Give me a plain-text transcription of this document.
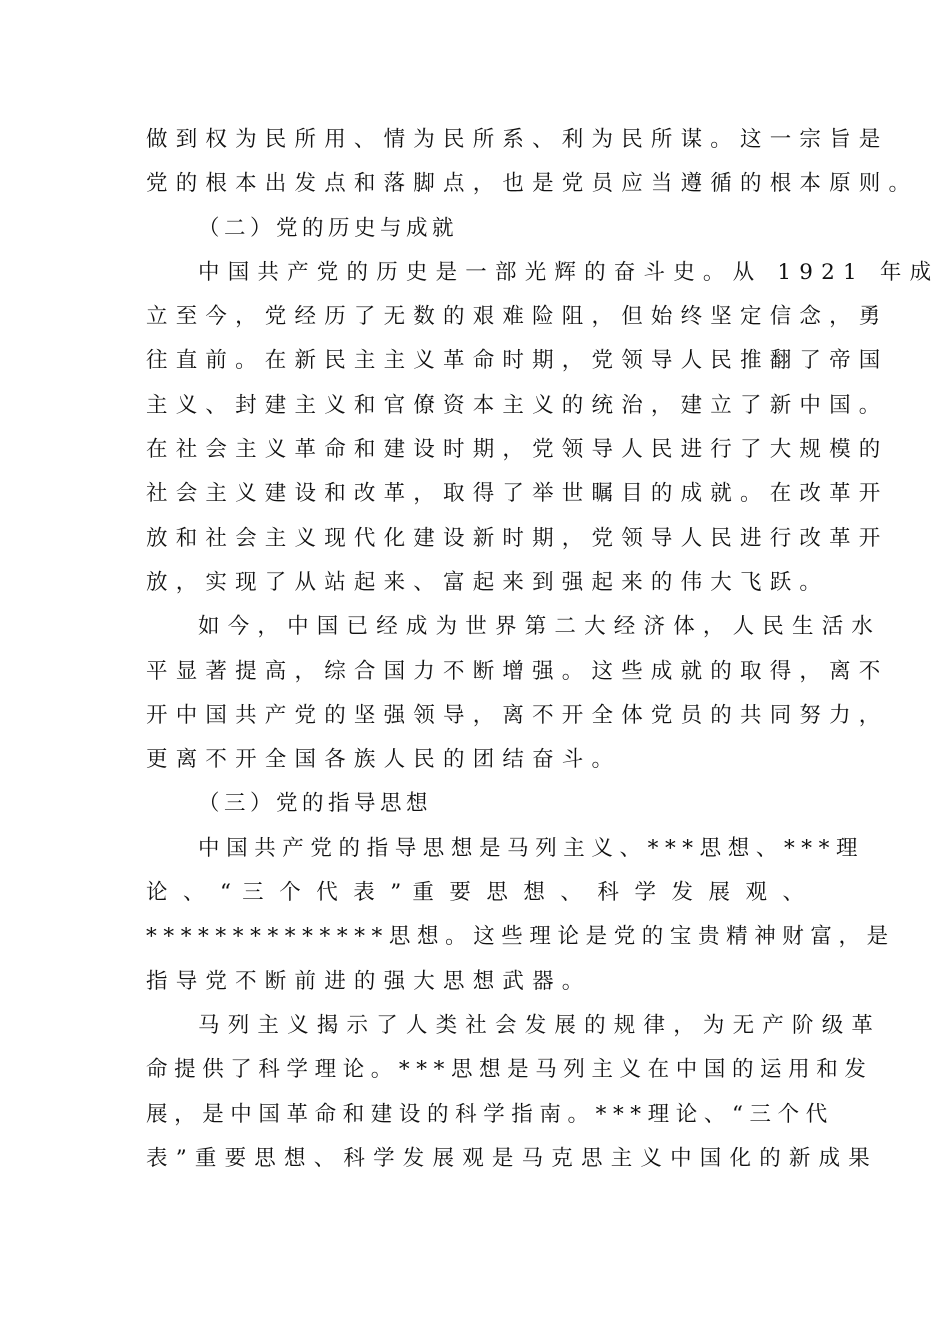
做到权为民所用、情为民所系、利为民所谋。这一宗旨是
党的根本出发点和落脚点，也是党员应当遵循的根本原则。
（二）党的历史与成就
中国共产党的历史是一部光辉的奋斗史。从 1921 年成
立至今，党经历了无数的艰难险阻，但始终坚定信念，勇
往直前。在新民主主义革命时期，党领导人民推翻了帝国
主义、封建主义和官僚资本主义的统治，建立了新中国。
在社会主义革命和建设时期，党领导人民进行了大规模的
社会主义建设和改革，取得了举世瞩目的成就。在改革开
放和社会主义现代化建设新时期，党领导人民进行改革开
放，实现了从站起来、富起来到强起来的伟大飞跃。
如今，中国已经成为世界第二大经济体，人民生活水
平显著提高，综合国力不断增强。这些成就的取得，离不
开中国共产党的坚强领导，离不开全体党员的共同努力，
更离不开全国各族人民的团结奋斗。
（三）党的指导思想
中国共产党的指导思想是马列主义、***思想、***理
论 、 “ 三 个 代 表 ” 重 要 思 想 、 科 学 发 展 观 、
**************思想。这些理论是党的宝贵精神财富，是
指导党不断前进的强大思想武器。
马列主义揭示了人类社会发展的规律，为无产阶级革
命提供了科学理论。***思想是马列主义在中国的运用和发
展，是中国革命和建设的科学指南。***理论、“三个代
表”重要思想、科学发展观是马克思主义中国化的新成果
